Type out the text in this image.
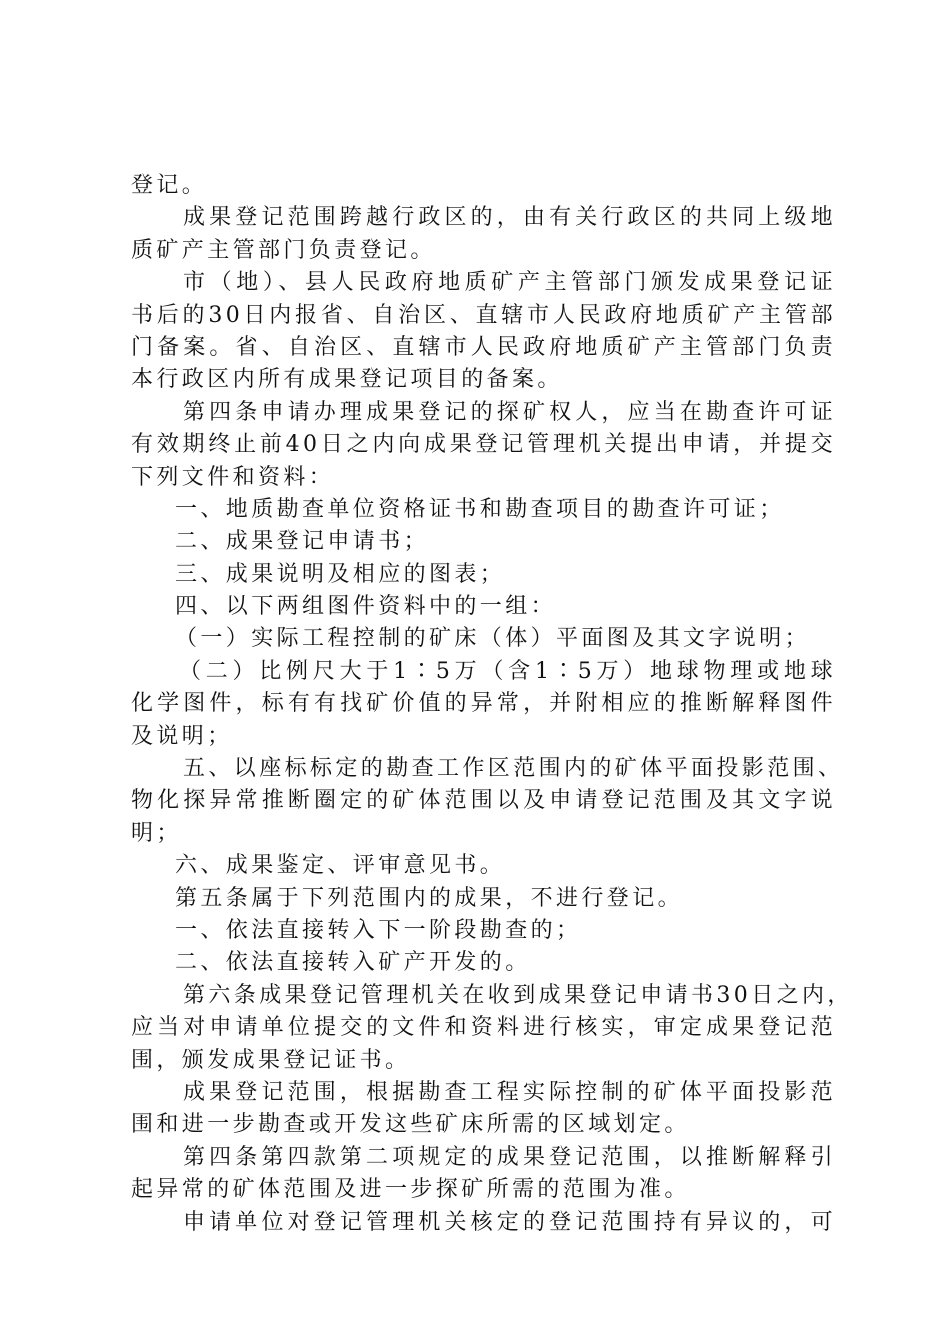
登记。
成果登记范围跨越行政区的，由有关行政区的共同上级地
质矿产主管部门负责登记。
市（地）、县人民政府地质矿产主管部门颁发成果登记证
书后的30日内报省、自治区、直辖市人民政府地质矿产主管部
门备案。省、自治区、直辖市人民政府地质矿产主管部门负责
本行政区内所有成果登记项目的备案。
第四条申请办理成果登记的探矿权人，应当在勘查许可证
有效期终止前40日之内向成果登记管理机关提出申请，并提交
下列文件和资料：
一、地质勘查单位资格证书和勘查项目的勘查许可证；
二、成果登记申请书；
三、成果说明及相应的图表；
四、以下两组图件资料中的一组：
（一）实际工程控制的矿床（体）平面图及其文字说明；
（二）比例尺大于1∶5万（含1∶5万）地球物理或地球
化学图件，标有有找矿价值的异常，并附相应的推断解释图件
及说明；
五、以座标标定的勘查工作区范围内的矿体平面投影范围、
物化探异常推断圈定的矿体范围以及申请登记范围及其文字说
明；
六、成果鉴定、评审意见书。
第五条属于下列范围内的成果，不进行登记。
一、依法直接转入下一阶段勘查的；
二、依法直接转入矿产开发的。
第六条成果登记管理机关在收到成果登记申请书30日之内，
应当对申请单位提交的文件和资料进行核实，审定成果登记范
围，颁发成果登记证书。
成果登记范围，根据勘查工程实际控制的矿体平面投影范
围和进一步勘查或开发这些矿床所需的区域划定。
第四条第四款第二项规定的成果登记范围，以推断解释引
起异常的矿体范围及进一步探矿所需的范围为准。
申请单位对登记管理机关核定的登记范围持有异议的，可
